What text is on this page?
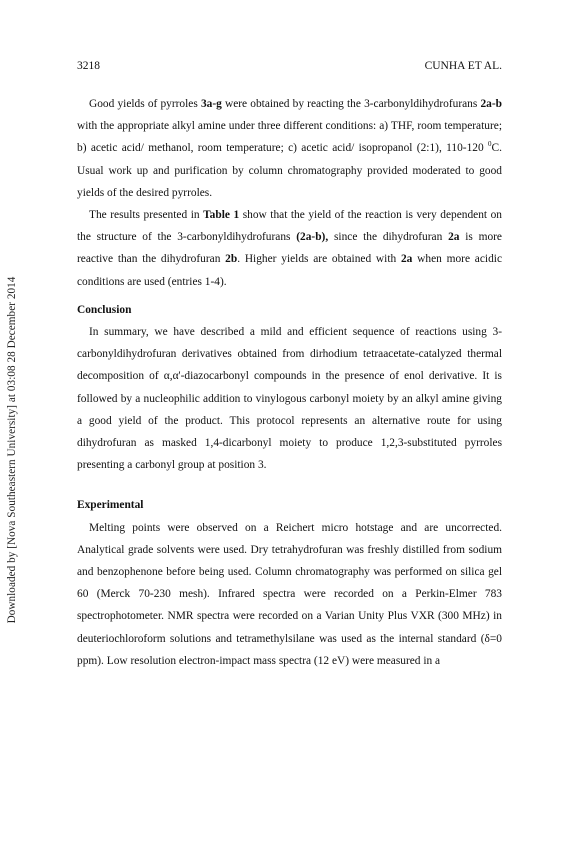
Downloaded by [Nova Southeastern University] at 03:08 28 December 2014
3218	CUNHA ET AL.

Good yields of pyrroles 3a-g were obtained by reacting the 3-carbonyldihydrofurans 2a-b with the appropriate alkyl amine under three different conditions: a) THF, room temperature; b) acetic acid/ methanol, room temperature; c) acetic acid/ isopropanol (2:1), 110-120 $^0$C. Usual work up and purification by column chromatography provided moderated to good yields of the desired pyrroles.

The results presented in Table 1 show that the yield of the reaction is very dependent on the structure of the 3-carbonyldihydrofurans (2a-b), since the dihydrofuran 2a is more reactive than the dihydrofuran 2b. Higher yields are obtained with 2a when more acidic conditions are used (entries 1-4).

Conclusion

In summary, we have described a mild and efficient sequence of reactions using 3-carbonyldihydrofuran derivatives obtained from dirhodium tetraacetate-catalyzed thermal decomposition of α,α'-diazocarbonyl compounds in the presence of enol derivative. It is followed by a nucleophilic addition to vinylogous carbonyl moiety by an alkyl amine giving a good yield of the product. This protocol represents an alternative route for using dihydrofuran as masked 1,4-dicarbonyl moiety to produce 1,2,3-substituted pyrroles presenting a carbonyl group at position 3.

Experimental

Melting points were observed on a Reichert micro hotstage and are uncorrected. Analytical grade solvents were used. Dry tetrahydrofuran was freshly distilled from sodium and benzophenone before being used. Column chromatography was performed on silica gel 60 (Merck 70-230 mesh). Infrared spectra were recorded on a Perkin-Elmer 783 spectrophotometer. NMR spectra were recorded on a Varian Unity Plus VXR (300 MHz) in deuteriochloroform solutions and tetramethylsilane was used as the internal standard (δ=0 ppm). Low resolution electron-impact mass spectra (12 eV) were measured in a
